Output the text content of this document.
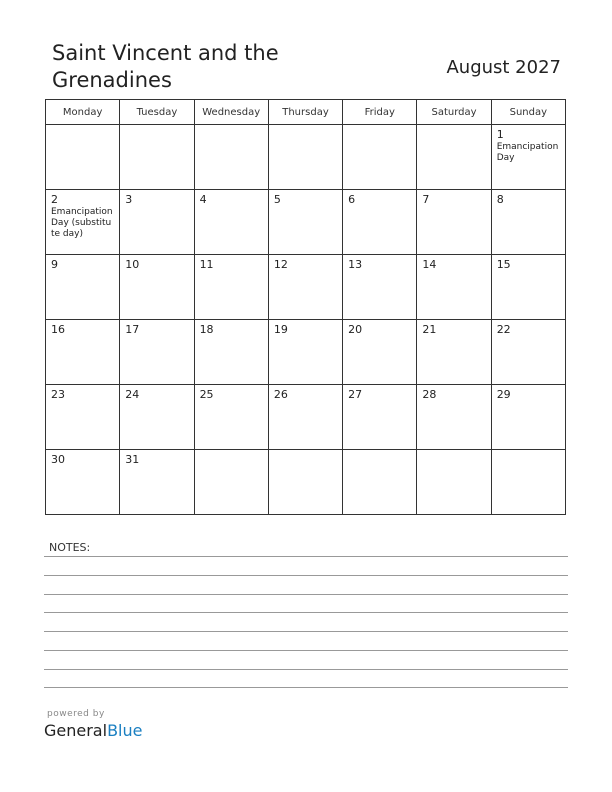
Saint Vincent and the Grenadines
August 2027
Monday	Tuesday	Wednesday	Thursday	Friday	Saturday	Sunday

						1
Emancipation Day

2
Emancipation Day (substitute day)	3	4	5	6	7	8

9	10	11	12	13	14	15

16	17	18	19	20	21	22

23	24	25	26	27	28	29

30	31					

NOTES:
powered by
GeneralBlue
